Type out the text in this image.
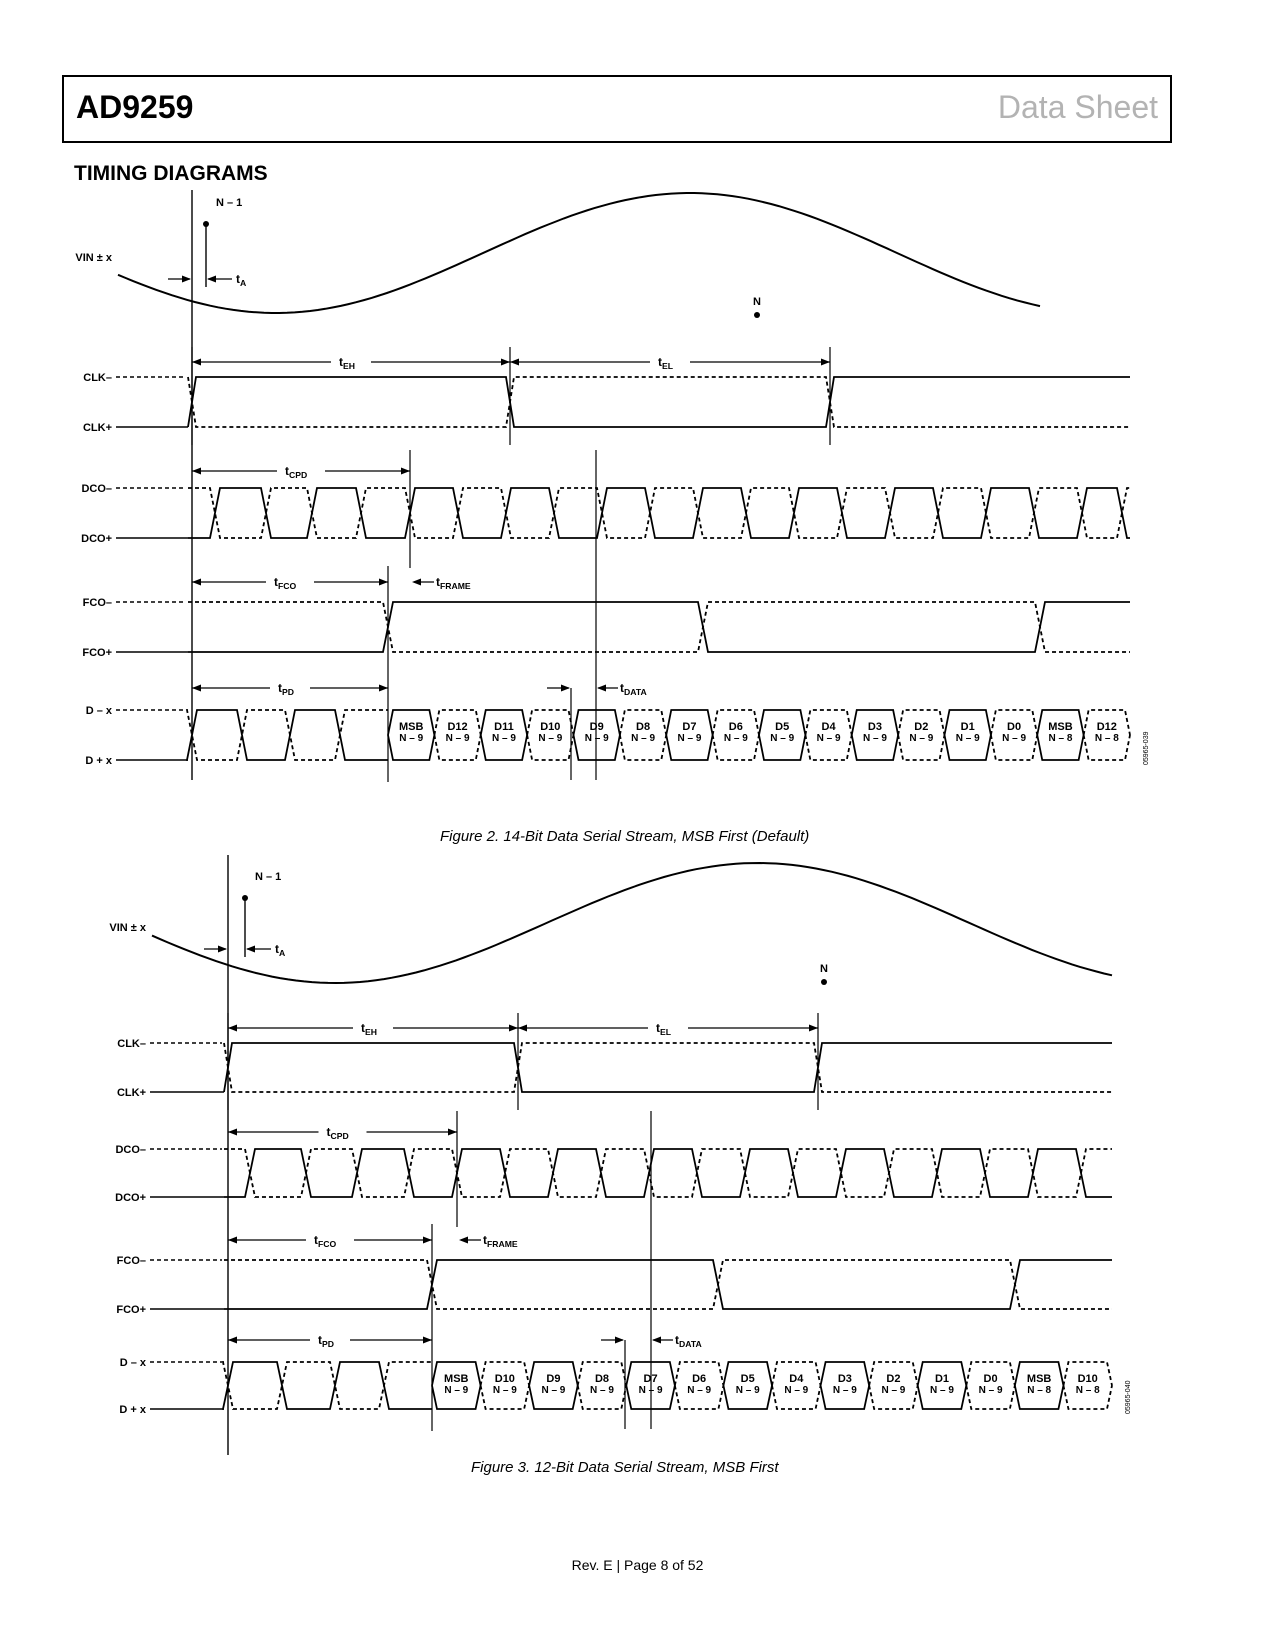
AD9259	Data Sheet
TIMING DIAGRAMS
VIN ± x
CLK–
CLK+
DCO–
DCO+
FCO–
FCO+
D – x
D + x
N – 1
N
$t_A$
$t_{EH}$	$t_{EL}$
$t_{CPD}$
$t_{FCO}$	$t_{FRAME}$
MSB
N – 9
D12
N – 9
D11
N – 9
D10
N – 9
D9
N – 9
D8
N – 9
D7
N – 9
D6
N – 9
D5
N – 9
D4
N – 9
D3
N – 9
D2
N – 9
D1
N – 9
D0
N – 9
MSB
N – 8
D12
N – 8
$t_{PD}$	$t_{DATA}$
05965-039
Figure 2. 14-Bit Data Serial Stream, MSB First (Default)
VIN ± x
CLK–
CLK+
DCO–
DCO+
FCO–
FCO+
D – x
D + x
N – 1
N
$t_A$
$t_{EH}$	$t_{EL}$
$t_{CPD}$
$t_{FCO}$	$t_{FRAME}$
MSB
N – 9
D10
N – 9
D9
N – 9
D8
N – 9
D7
N – 9
D6
N – 9
D5
N – 9
D4
N – 9
D3
N – 9
D2
N – 9
D1
N – 9
D0
N – 9
MSB
N – 8
D10
N – 8
$t_{PD}$	$t_{DATA}$
05965-040
Figure 3. 12-Bit Data Serial Stream, MSB First
Rev. E | Page 8 of 52
